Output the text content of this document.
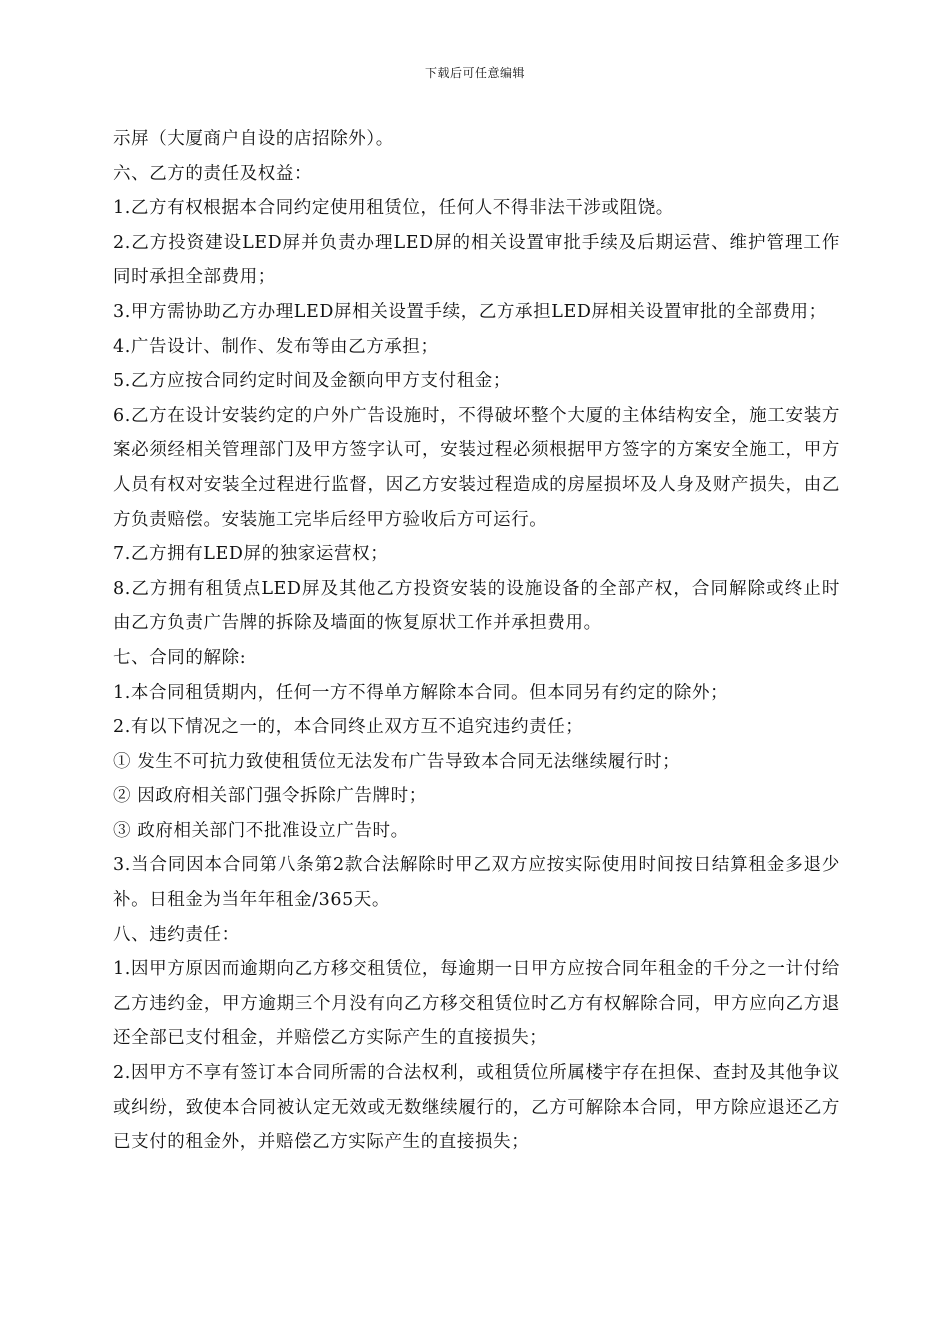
下载后可任意编辑

示屏（大厦商户自设的店招除外）。

六、乙方的责任及权益：

1.乙方有权根据本合同约定使用租赁位，任何人不得非法干涉或阻饶。

2.乙方投资建设LED屏并负责办理LED屏的相关设置审批手续及后期运营、维护管理工作同时承担全部费用；

3.甲方需协助乙方办理LED屏相关设置手续，乙方承担LED屏相关设置审批的全部费用；

4.广告设计、制作、发布等由乙方承担；

5.乙方应按合同约定时间及金额向甲方支付租金；

6.乙方在设计安装约定的户外广告设施时，不得破坏整个大厦的主体结构安全，施工安装方案必须经相关管理部门及甲方签字认可，安装过程必须根据甲方签字的方案安全施工，甲方人员有权对安装全过程进行监督，因乙方安装过程造成的房屋损坏及人身及财产损失，由乙方负责赔偿。安装施工完毕后经甲方验收后方可运行。

7.乙方拥有LED屏的独家运营权；

8.乙方拥有租赁点LED屏及其他乙方投资安装的设施设备的全部产权，合同解除或终止时由乙方负责广告牌的拆除及墙面的恢复原状工作并承担费用。

七、合同的解除:

1.本合同租赁期内，任何一方不得单方解除本合同。但本同另有约定的除外；

2.有以下情况之一的，本合同终止双方互不追究违约责任；

① 发生不可抗力致使租赁位无法发布广告导致本合同无法继续履行时；

② 因政府相关部门强令拆除广告牌时；

③ 政府相关部门不批准设立广告时。

3.当合同因本合同第八条第2款合法解除时甲乙双方应按实际使用时间按日结算租金多退少补。日租金为当年年租金/365天。

八、违约责任：

1.因甲方原因而逾期向乙方移交租赁位，每逾期一日甲方应按合同年租金的千分之一计付给乙方违约金，甲方逾期三个月没有向乙方移交租赁位时乙方有权解除合同，甲方应向乙方退还全部已支付租金，并赔偿乙方实际产生的直接损失；

2.因甲方不享有签订本合同所需的合法权利，或租赁位所属楼宇存在担保、查封及其他争议或纠纷，致使本合同被认定无效或无数继续履行的，乙方可解除本合同，甲方除应退还乙方已支付的租金外，并赔偿乙方实际产生的直接损失；
